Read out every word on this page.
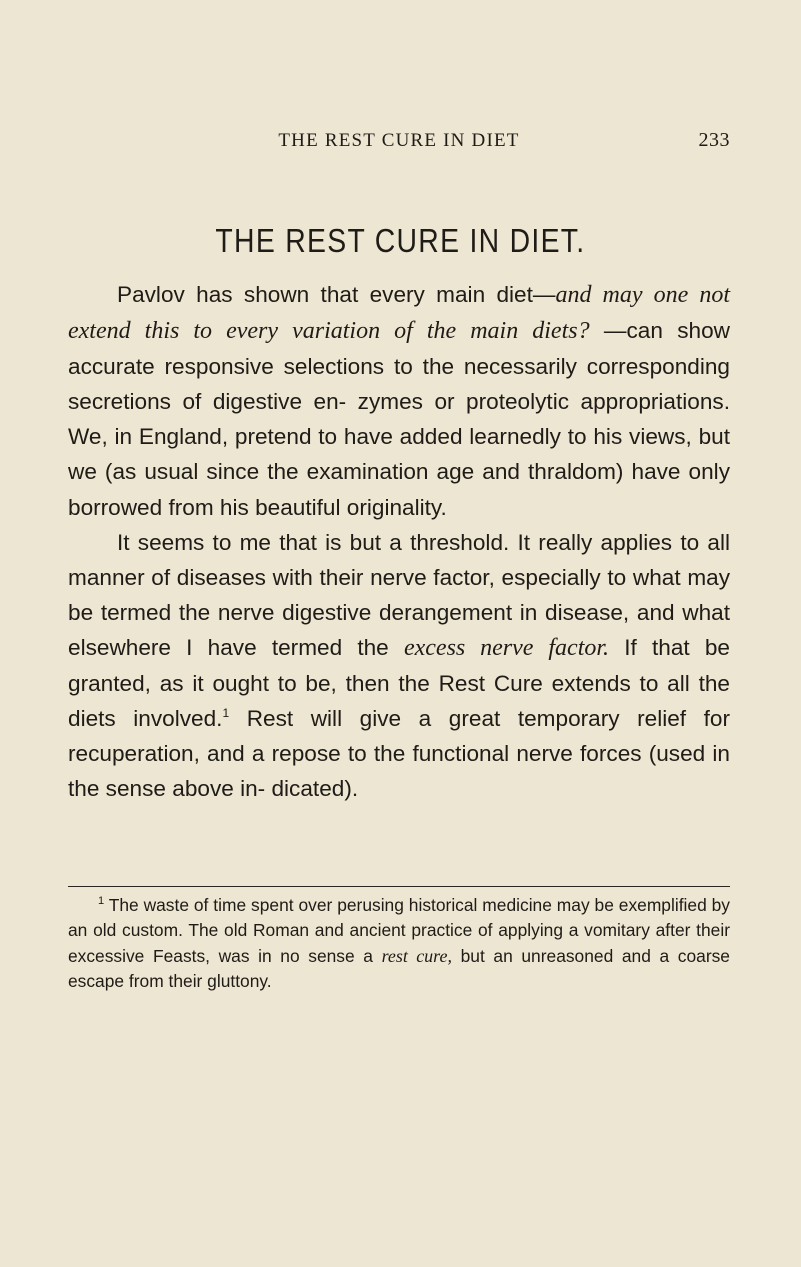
THE REST CURE IN DIET	233
THE REST CURE IN DIET.

Pavlov has shown that every main diet—and may one not extend this to every variation of the main diets? —can show accurate responsive selections to the necessarily corresponding secretions of digestive en- zymes or proteolytic appropriations. We, in England, pretend to have added learnedly to his views, but we (as usual since the examination age and thraldom) have only borrowed from his beautiful originality.

It seems to me that is but a threshold. It really applies to all manner of diseases with their nerve factor, especially to what may be termed the nerve digestive derangement in disease, and what elsewhere I have termed the excess nerve factor. If that be granted, as it ought to be, then the Rest Cure extends to all the diets involved.$^1$ Rest will give a great temporary relief for recuperation, and a repose to the functional nerve forces (used in the sense above in- dicated).

$^1$ The waste of time spent over perusing historical medicine may be exemplified by an old custom. The old Roman and ancient practice of applying a vomitary after their excessive Feasts, was in no sense a rest cure, but an unreasoned and a coarse escape from their gluttony.
